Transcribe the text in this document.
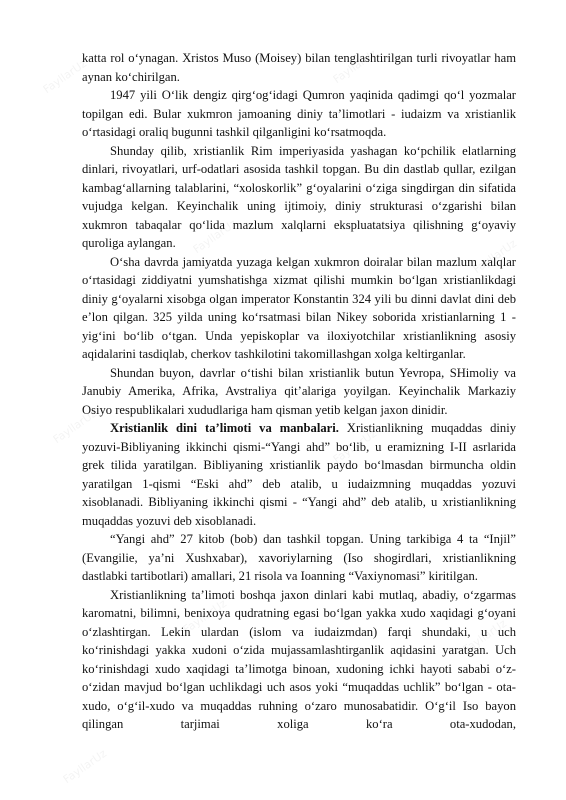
katta rol o‘ynagan. Xristos Muso (Moisey) bilan tenglashtirilgan turli rivoyatlar ham aynan ko‘chirilgan.

1947 yili O‘lik dengiz qirg‘og‘idagi Qumron yaqinida qadimgi qo‘l yozmalar topilgan edi. Bular xukmron jamoaning diniy ta’limotlari - iudaizm va xristianlik o‘rtasidagi oraliq bugunni tashkil qilganligini ko‘rsatmoqda.

Shunday qilib, xristianlik Rim imperiyasida yashagan ko‘pchilik elatlarning dinlari, rivoyatlari, urf-odatlari asosida tashkil topgan. Bu din dastlab qullar, ezilgan kambag‘allarning talablarini, “xoloskorlik” g‘oyalarini o‘ziga singdirgan din sifatida vujudga kelgan. Keyinchalik uning ijtimoiy, diniy strukturasi o‘zgarishi bilan xukmron tabaqalar qo‘lida mazlum xalqlarni ekspluatatsiya qilishning g‘oyaviy quroliga aylangan.

O‘sha davrda jamiyatda yuzaga kelgan xukmron doiralar bilan mazlum xalqlar o‘rtasidagi ziddiyatni yumshatishga xizmat qilishi mumkin bo‘lgan xristianlikdagi diniy g‘oyalarni xisobga olgan imperator Konstantin 324 yili bu dinni davlat dini deb e’lon qilgan. 325 yilda uning ko‘rsatmasi bilan Nikey soborida xristianlarning 1 - yig‘ini bo‘lib o‘tgan. Unda yepiskoplar va iloxiyotchilar xristianlikning asosiy aqidalarini tasdiqlab, cherkov tashkilotini takomillashgan xolga keltirganlar.

Shundan buyon, davrlar o‘tishi bilan xristianlik butun Yevropa, SHimoliy va Janubiy Amerika, Afrika, Avstraliya qit’alariga yoyilgan. Keyinchalik Markaziy Osiyo respublikalari xududlariga ham qisman yetib kelgan jaxon dinidir.

Xristianlik dini ta’limoti va manbalari. Xristianlikning muqaddas diniy yozuvi-Bibliyaning ikkinchi qismi-“Yangi ahd” bo‘lib, u eramizning I-II asrlarida grek tilida yaratilgan. Bibliyaning xristianlik paydo bo‘lmasdan birmuncha oldin yaratilgan 1-qismi “Eski ahd” deb atalib, u iudaizmning muqaddas yozuvi xisoblanadi. Bibliyaning ikkinchi qismi - “Yangi ahd” deb atalib, u xristianlikning muqaddas yozuvi deb xisoblanadi.

“Yangi ahd” 27 kitob (bob) dan tashkil topgan. Uning tarkibiga 4 ta “Injil” (Evangilie, ya’ni Xushxabar), xavoriylarning (Iso shogirdlari, xristianlikning dastlabki tartibotlari) amallari, 21 risola va Ioanning “Vaxiynomasi” kiritilgan.

Xristianlikning ta’limoti boshqa jaxon dinlari kabi mutlaq, abadiy, o‘zgarmas karomatni, bilimni, benixoya qudratning egasi bo‘lgan yakka xudo xaqidagi g‘oyani o‘zlashtirgan. Lekin ulardan (islom va iudaizmdan) farqi shundaki, u uch ko‘rinishdagi yakka xudoni o‘zida mujassamlashtirganlik aqidasini yaratgan. Uch ko‘rinishdagi xudo xaqidagi ta’limotga binoan, xudoning ichki hayoti sababi o‘z-o‘zidan mavjud bo‘lgan uchlikdagi uch asos yoki “muqaddas uchlik” bo‘lgan - ota-xudo, o‘g‘il-xudo va muqaddas ruhning o‘zaro munosabatidir. O‘g‘il Iso bayon qilingan tarjimai xoliga ko‘ra ota-xudodan,
